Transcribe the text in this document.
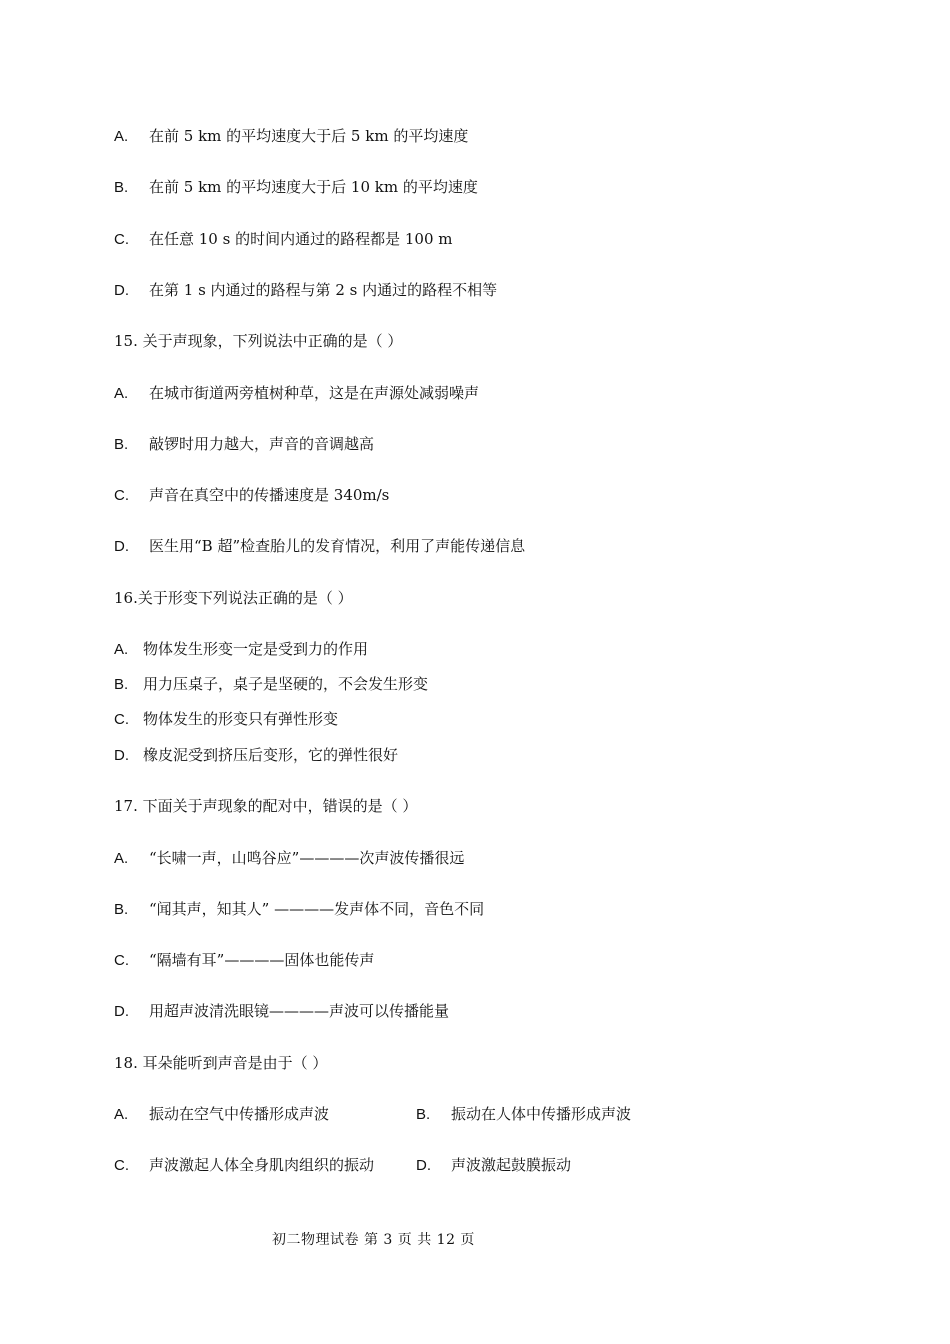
A. 在前 5 km 的平均速度大于后 5 km 的平均速度
B. 在前 5 km 的平均速度大于后 10 km 的平均速度
C. 在任意 10 s 的时间内通过的路程都是 100 m
D. 在第 1 s 内通过的路程与第 2 s 内通过的路程不相等
15. 关于声现象，下列说法中正确的是（ ）
A. 在城市街道两旁植树种草，这是在声源处减弱噪声
B. 敲锣时用力越大，声音的音调越高
C. 声音在真空中的传播速度是 340m/s
D. 医生用“B 超”检查胎儿的发育情况，利用了声能传递信息
16.关于形变下列说法正确的是（ ）
A. 物体发生形变一定是受到力的作用
B. 用力压桌子，桌子是坚硬的，不会发生形变
C. 物体发生的形变只有弹性形变
D. 橡皮泥受到挤压后变形，它的弹性很好
17. 下面关于声现象的配对中，错误的是（ ）
A. “长啸一声，山鸣谷应”————次声波传播很远
B. “闻其声，知其人” ————发声体不同，音色不同
C. “隔墙有耳”————固体也能传声
D. 用超声波清洗眼镜————声波可以传播能量
18. 耳朵能听到声音是由于（ ）
A. 振动在空气中传播形成声波	B. 振动在人体中传播形成声波
C. 声波激起人体全身肌肉组织的振动	D. 声波激起鼓膜振动
初二物理试卷 第 3 页 共 12 页
